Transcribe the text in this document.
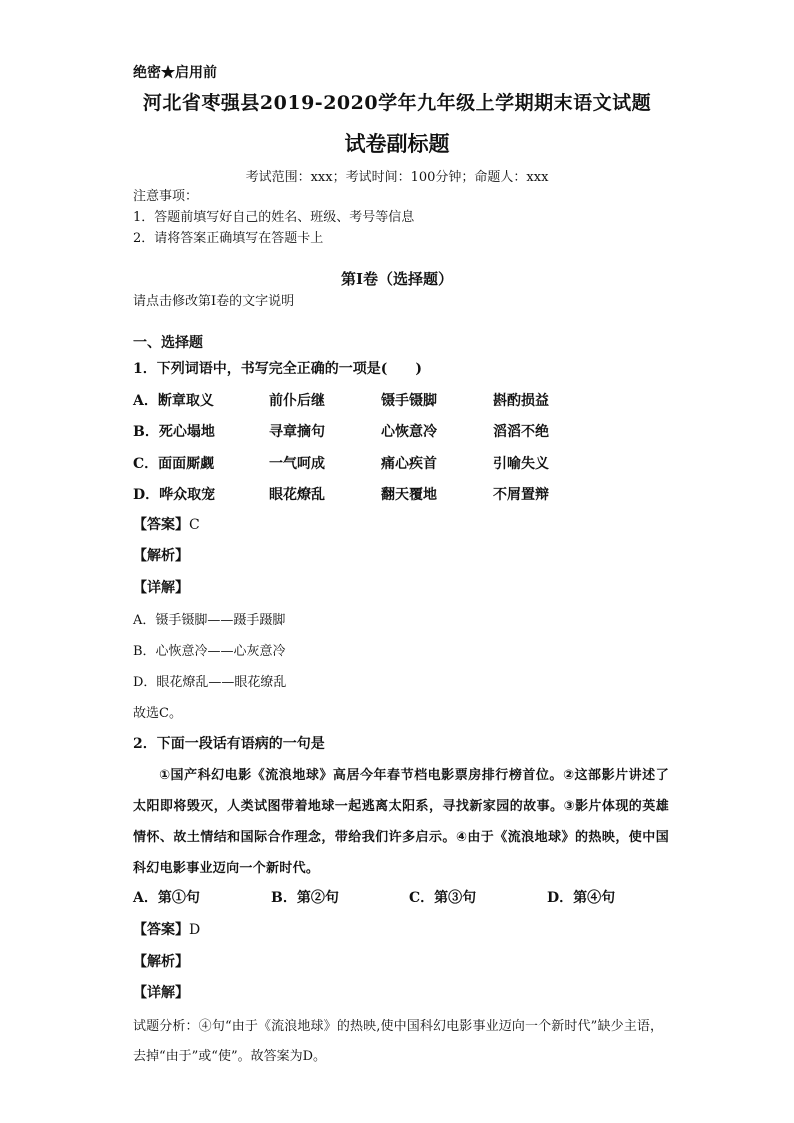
绝密★启用前
河北省枣强县2019-2020学年九年级上学期期末语文试题
试卷副标题
考试范围：xxx；考试时间：100分钟；命题人：xxx
注意事项：
1．答题前填写好自己的姓名、班级、考号等信息
2．请将答案正确填写在答题卡上
第I卷（选择题）
请点击修改第I卷的文字说明
一、选择题
1．下列词语中，书写完全正确的一项是(　　)
A．断章取义	前仆后继	镊手镊脚	斟酌损益
B．死心塌地	寻章摘句	心恢意冷	滔滔不绝
C．面面厮觑	一气呵成	痛心疾首	引喻失义
D．哗众取宠	眼花燎乱	翻天覆地	不屑置辩
【答案】C
【解析】
【详解】
A．镊手镊脚——蹑手蹑脚
B．心恢意冷——心灰意冷
D．眼花燎乱——眼花缭乱
故选C。
2．下面一段话有语病的一句是
①国产科幻电影《流浪地球》高居今年春节档电影票房排行榜首位。②这部影片讲述了太阳即将毁灭，人类试图带着地球一起逃离太阳系，寻找新家园的故事。③影片体现的英雄情怀、故土情结和国际合作理念，带给我们许多启示。④由于《流浪地球》的热映，使中国科幻电影事业迈向一个新时代。
A．第①句	B．第②句	C．第③句	D．第④句
【答案】D
【解析】
【详解】
试题分析：④句“由于《流浪地球》的热映,使中国科幻电影事业迈向一个新时代”缺少主语，去掉“由于”或“使”。故答案为D。
